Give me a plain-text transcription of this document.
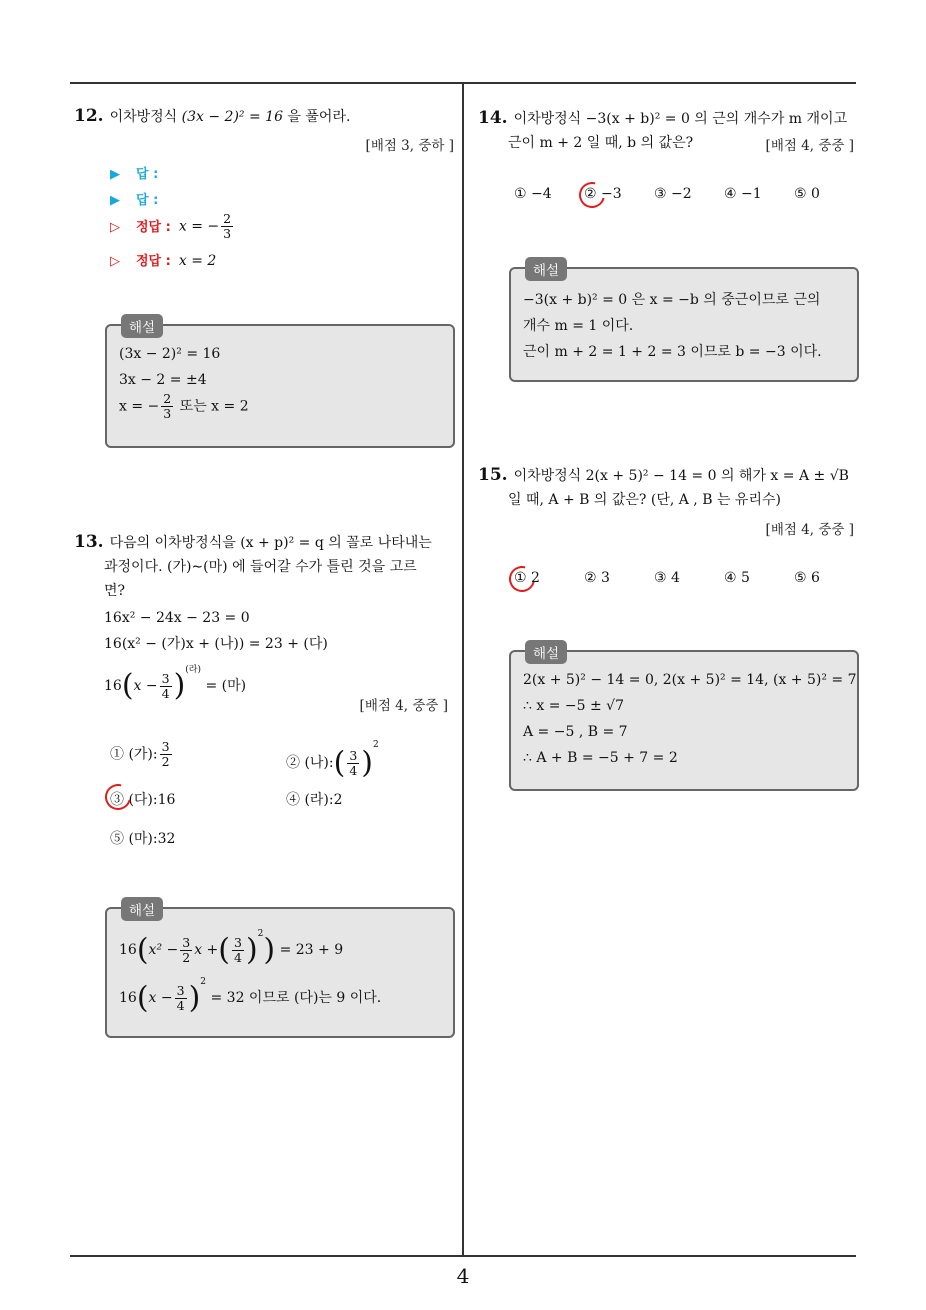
12. 이차방정식 (3x − 2)² = 16 을 풀어라.
[배점 3, 중하 ]
▶ 답 :
▶ 답 :
▷ 정답 : x = − $\frac{2}{3}$
▷ 정답 : x = 2
해설
(3x − 2)² = 16
3x − 2 = ±4
x = − $\frac{2}{3}$ 또는 x = 2
13. 다음의 이차방정식을 (x + p)² = q 의 꼴로 나타내는
과정이다. (가)∼(마) 에 들어갈 수가 틀린 것을 고르
면?
16x² − 24x − 23 = 0
16(x² − (가)x + (나)) = 23 + (다)
$16(x - \frac{3}{4} )^{(라)}$ = (마)
[배점 4, 중중 ]
① (가): $\frac{3}{2}$	② (나):( $\frac{3}{4} )^2$
③ (다):16	④ (라):2
⑤ (마):32
해설
$16(x^2 - \frac{3}{2}$ x +( $\frac{3}{4} )^2) = 23 + 9$
$16(x - \frac{3}{4} )^2 = 32$ 이므로 (다)는 9 이다.
14. 이차방정식 −3(x + b)² = 0 의 근의 개수가 m 개이고
근이 m + 2 일 때, b 의 값은?	[배점 4, 중중 ]
① −4 ② −3 ③ −2 ④ −1 ⑤ 0
해설
−3(x + b)² = 0 은 x = −b 의 중근이므로 근의
개수 m = 1 이다.
근이 m + 2 = 1 + 2 = 3 이므로 b = −3 이다.
15. 이차방정식 2(x + 5)² − 14 = 0 의 해가 x = A ± √B
일 때, A + B 의 값은? (단, A , B 는 유리수)
[배점 4, 중중 ]
① 2	② 3	③ 4	④ 5	⑤ 6
해설
2(x + 5)² − 14 = 0, 2(x + 5)² = 14, (x + 5)² = 7
∴ x = −5 ± √7
A = −5 , B = 7
∴ A + B = −5 + 7 = 2
4
